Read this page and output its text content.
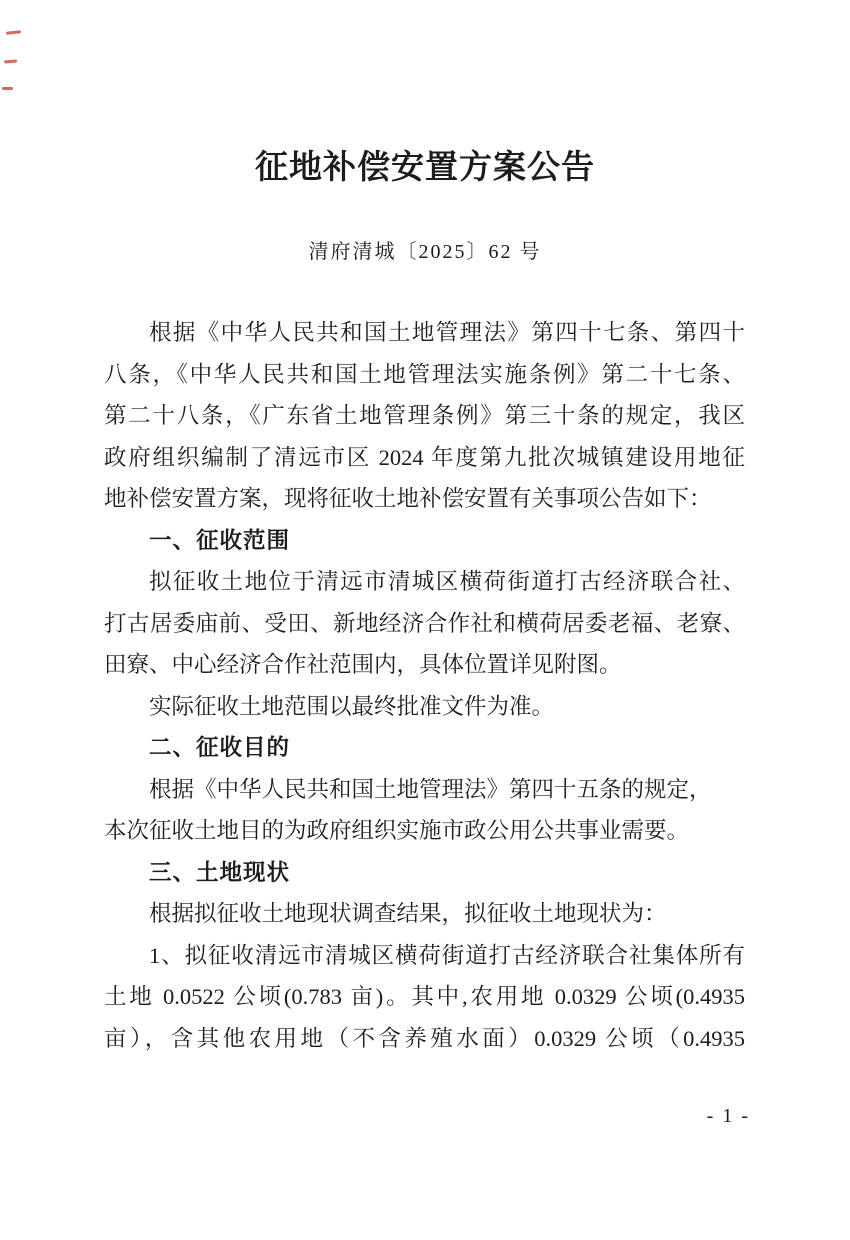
征地补偿安置方案公告
清府清城〔2025〕62 号
根据《中华人民共和国土地管理法》第四十七条、第四十
八条，《中华人民共和国土地管理法实施条例》第二十七条、
第二十八条，《广东省土地管理条例》第三十条的规定，我区
政府组织编制了清远市区 2024 年度第九批次城镇建设用地征
地补偿安置方案，现将征收土地补偿安置有关事项公告如下：
一、征收范围
拟征收土地位于清远市清城区横荷街道打古经济联合社、
打古居委庙前、受田、新地经济合作社和横荷居委老福、老寮、
田寮、中心经济合作社范围内，具体位置详见附图。
实际征收土地范围以最终批准文件为准。
二、征收目的
根据《中华人民共和国土地管理法》第四十五条的规定，
本次征收土地目的为政府组织实施市政公用公共事业需要。
三、土地现状
根据拟征收土地现状调查结果，拟征收土地现状为：
1、拟征收清远市清城区横荷街道打古经济联合社集体所有
土地 0.0522 公顷(0.783 亩)。其中,农用地 0.0329 公顷(0.4935
亩），含其他农用地（不含养殖水面）0.0329 公顷（0.4935
- 1 -
